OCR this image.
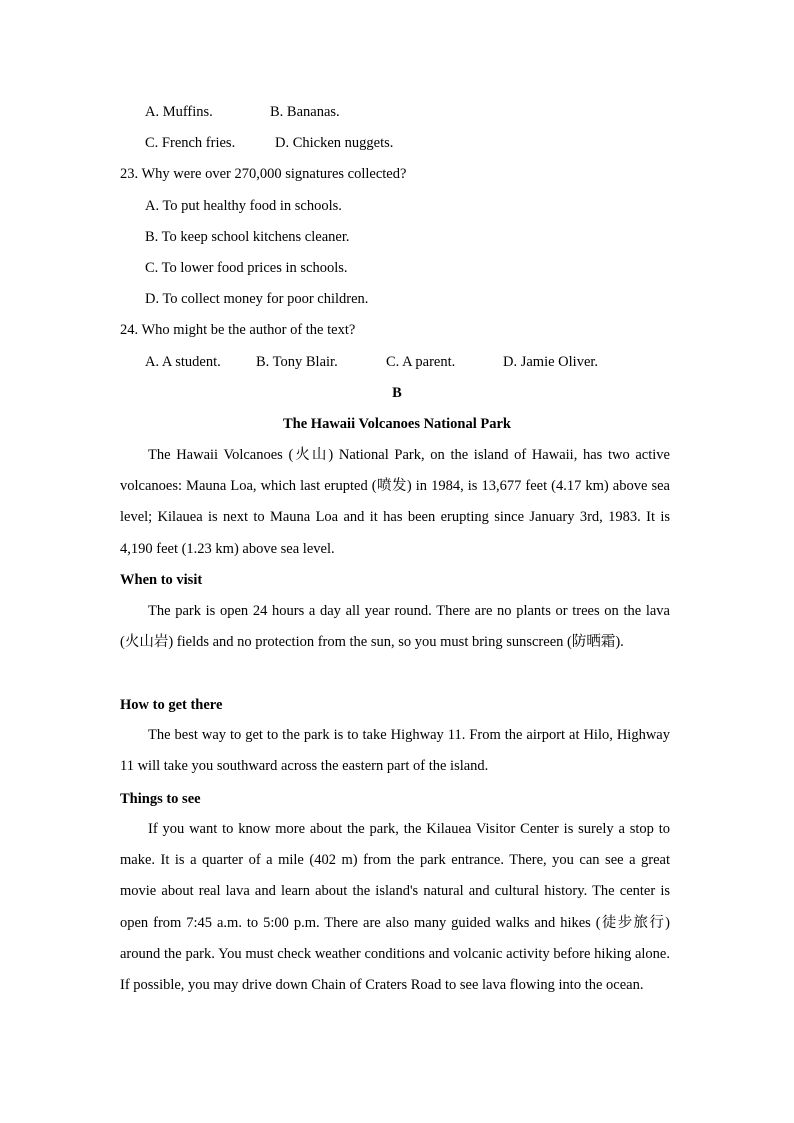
A. Muffins.	B. Bananas.
C. French fries.	D. Chicken nuggets.
23. Why were over 270,000 signatures collected?
A. To put healthy food in schools.
B. To keep school kitchens cleaner.
C. To lower food prices in schools.
D. To collect money for poor children.
24. Who might be the author of the text?
A. A student. B. Tony Blair.	C. A parent.	D. Jamie Oliver.
B
The Hawaii Volcanoes National Park
The Hawaii Volcanoes (火山) National Park, on the island of Hawaii, has two active volcanoes: Mauna Loa, which last erupted (喷发) in 1984, is 13,677 feet (4.17 km) above sea level; Kilauea is next to Mauna Loa and it has been erupting since January 3rd, 1983. It is 4,190 feet (1.23 km) above sea level.
When to visit
The park is open 24 hours a day all year round. There are no plants or trees on the lava (火山岩) fields and no protection from the sun, so you must bring sunscreen (防晒霜).
How to get there
The best way to get to the park is to take Highway 11. From the airport at Hilo, Highway 11 will take you southward across the eastern part of the island.
Things to see
If you want to know more about the park, the Kilauea Visitor Center is surely a stop to make. It is a quarter of a mile (402 m) from the park entrance. There, you can see a great movie about real lava and learn about the island's natural and cultural history. The center is open from 7:45 a.m. to 5:00 p.m. There are also many guided walks and hikes (徒步旅行) around the park. You must check weather conditions and volcanic activity before hiking alone. If possible, you may drive down Chain of Craters Road to see lava flowing into the ocean.
